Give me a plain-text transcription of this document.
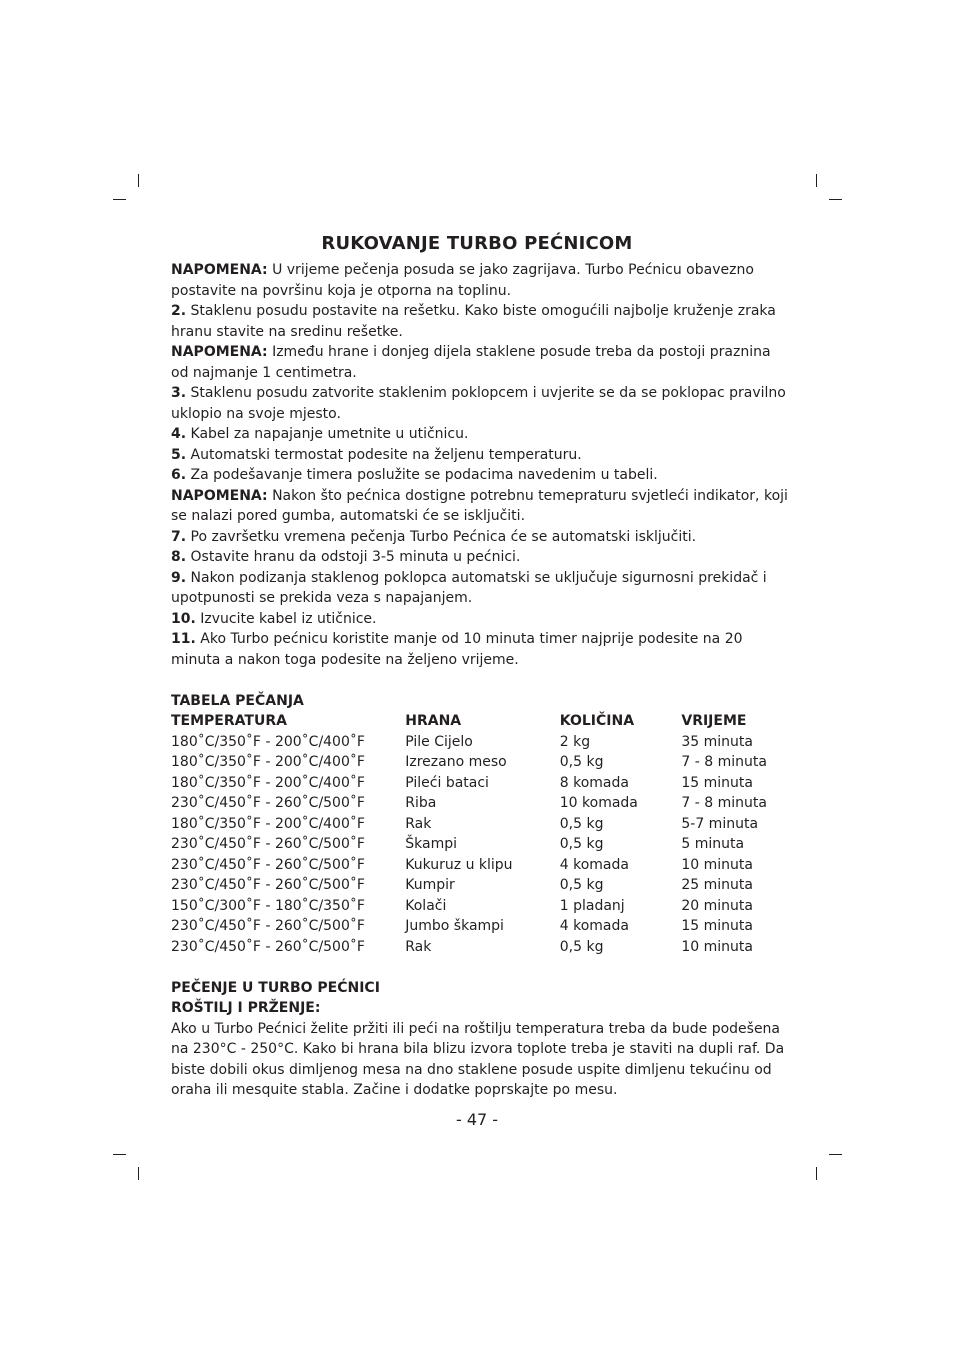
RUKOVANJE TURBO PEĆNICOM

NAPOMENA: U vrijeme pečenja posuda se jako zagrijava. Turbo Pećnicu obavezno postavite na površinu koja je otporna na toplinu.

2. Staklenu posudu postavite na rešetku. Kako biste omogućili najbolje kruženje zraka hranu stavite na sredinu rešetke.

NAPOMENA: Između hrane i donjeg dijela staklene posude treba da postoji praznina od najmanje 1 centimetra.

3. Staklenu posudu zatvorite staklenim poklopcem i uvjerite se da se poklopac pravilno uklopio na svoje mjesto.

4. Kabel za napajanje umetnite u utičnicu.

5. Automatski termostat podesite na željenu temperaturu.

6. Za podešavanje timera poslužite se podacima navedenim u tabeli.

NAPOMENA: Nakon što pećnica dostigne potrebnu temepraturu svjetleći indikator, koji se nalazi pored gumba, automatski će se isključiti.

7. Po završetku vremena pečenja Turbo Pećnica će se automatski isključiti.

8. Ostavite hranu da odstoji 3-5 minuta u pećnici.

9. Nakon podizanja staklenog poklopca automatski se uključuje sigurnosni prekidač i upotpunosti se prekida veza s napajanjem.

10. Izvucite kabel iz utičnice.

11. Ako Turbo pećnicu koristite manje od 10 minuta timer najprije podesite na 20 minuta a nakon toga podesite na željeno vrijeme.

TABELA PEČANJA

TEMPERATURA	HRANA	KOLIČINA	VRIJEME
180˚C/350˚F - 200˚C/400˚F	Pile Cijelo	2 kg	35 minuta
180˚C/350˚F - 200˚C/400˚F	Izrezano meso	0,5 kg	7 - 8 minuta
180˚C/350˚F - 200˚C/400˚F	Pileći bataci	8 komada	15 minuta
230˚C/450˚F - 260˚C/500˚F	Riba	10 komada	7 - 8 minuta
180˚C/350˚F - 200˚C/400˚F	Rak	0,5 kg	5-7 minuta
230˚C/450˚F - 260˚C/500˚F	Škampi	0,5 kg	5 minuta
230˚C/450˚F - 260˚C/500˚F	Kukuruz u klipu	4 komada	10 minuta
230˚C/450˚F - 260˚C/500˚F	Kumpir	0,5 kg	25 minuta
150˚C/300˚F - 180˚C/350˚F	Kolači	1 pladanj	20 minuta
230˚C/450˚F - 260˚C/500˚F	Jumbo škampi	4 komada	15 minuta
230˚C/450˚F - 260˚C/500˚F	Rak	0,5 kg	10 minuta

PEČENJE U TURBO PEĆNICI

ROŠTILJ I PRŽENJE:

Ako u Turbo Pećnici želite pržiti ili peći na roštilju temperatura treba da bude podešena na 230°C - 250°C. Kako bi hrana bila blizu izvora toplote treba je staviti na dupli raf. Da biste dobili okus dimljenog mesa na dno staklene posude uspite dimljenu tekućinu od oraha ili mesquite stabla. Začine i dodatke poprskajte po mesu.

- 47 -
